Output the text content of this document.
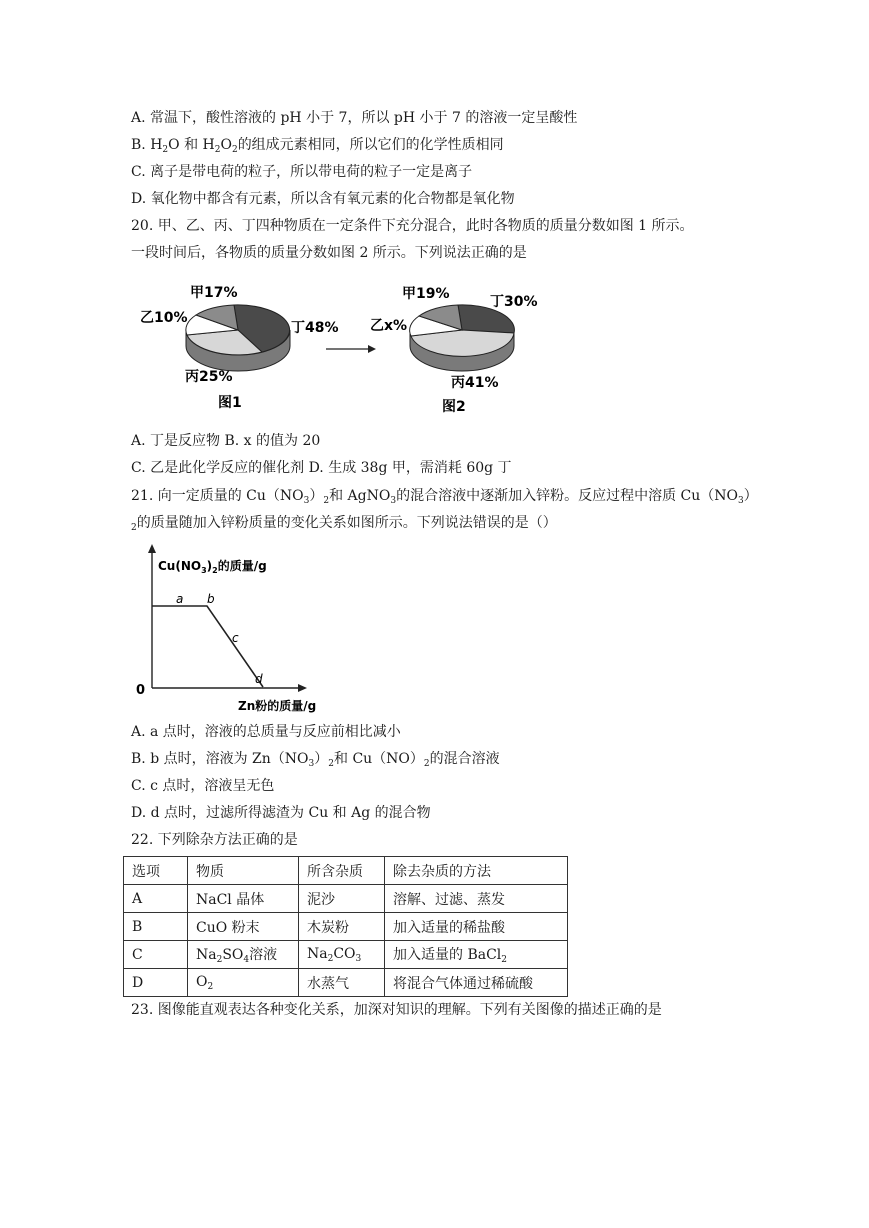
A. 常温下，酸性溶液的 pH 小于 7，所以 pH 小于 7 的溶液一定呈酸性
B. $H_2O$ 和 $H_2O_2$的组成元素相同，所以它们的化学性质相同
C. 离子是带电荷的粒子，所以带电荷的粒子一定是离子
D. 氧化物中都含有元素，所以含有氧元素的化合物都是氧化物
20. 甲、乙、丙、丁四种物质在一定条件下充分混合，此时各物质的质量分数如图 1 所示。
一段时间后，各物质的质量分数如图 2 所示。下列说法正确的是
甲17%
乙10%
丁48%
丙25%
图1
甲19%	丁30%
乙x%
丙41%
图2
A. 丁是反应物 B. x 的值为 20
C. 乙是此化学反应的催化剂 D. 生成 38g 甲，需消耗 60g 丁
21. 向一定质量的 $Cu(NO_3)_2$和 AgNO$_3$的混合溶液中逐渐加入锌粉。反应过程中溶质 $Cu(NO_3)$
$_2$的质量随加入锌粉质量的变化关系如图所示。下列说法错误的是（）
$Cu(NO_3)_2$的质量/g
0
Zn粉的质量/g
a b
c
d
A. a 点时，溶液的总质量与反应前相比减小
B. b 点时，溶液为 $Zn(NO_3)_2$和 $Cu(NO)_2$的混合溶液
C. c 点时，溶液呈无色
D. d 点时，过滤所得滤渣为 Cu 和 Ag 的混合物
22. 下列除杂方法正确的是
选项	物质	所含杂质	除去杂质的方法
A	NaCl 晶体	泥沙	溶解、过滤、蒸发
B	CuO 粉末	木炭粉	加入适量的稀盐酸
C	$Na_2SO_4$溶液	$Na_2CO_3$	加入适量的 BaCl$_2$
D	$O_2$	水蒸气	将混合气体通过稀硫酸
23. 图像能直观表达各种变化关系，加深对知识的理解。下列有关图像的描述正确的是
